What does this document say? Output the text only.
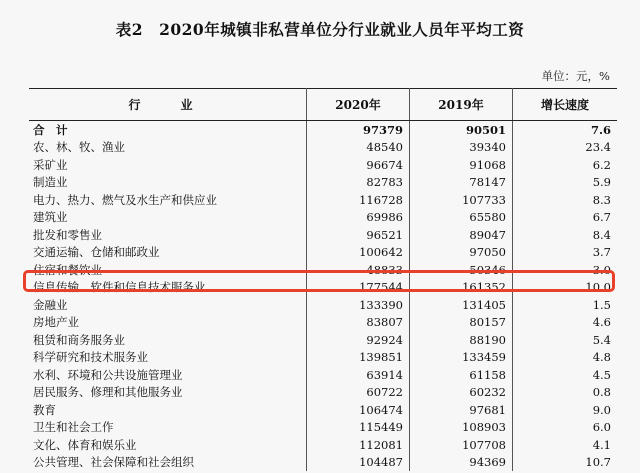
表2　2020年城镇非私营单位分行业就业人员年平均工资
单位：元，%
行　业	2020年	2019年	增长速度
合　计	97379	90501	7.6
农、林、牧、渔业	48540	39340	23.4
采矿业	96674	91068	6.2
制造业	82783	78147	5.9
电力、热力、燃气及水生产和供应业	116728	107733	8.3
建筑业	69986	65580	6.7
批发和零售业	96521	89047	8.4
交通运输、仓储和邮政业	100642	97050	3.7
住宿和餐饮业	48833	50346	-3.0
信息传输、软件和信息技术服务业	177544	161352	10.0
金融业	133390	131405	1.5
房地产业	83807	80157	4.6
租赁和商务服务业	92924	88190	5.4
科学研究和技术服务业	139851	133459	4.8
水利、环境和公共设施管理业	63914	61158	4.5
居民服务、修理和其他服务业	60722	60232	0.8
教育	106474	97681	9.0
卫生和社会工作	115449	108903	6.0
文化、体育和娱乐业	112081	107708	4.1
公共管理、社会保障和社会组织	104487	94369	10.7
